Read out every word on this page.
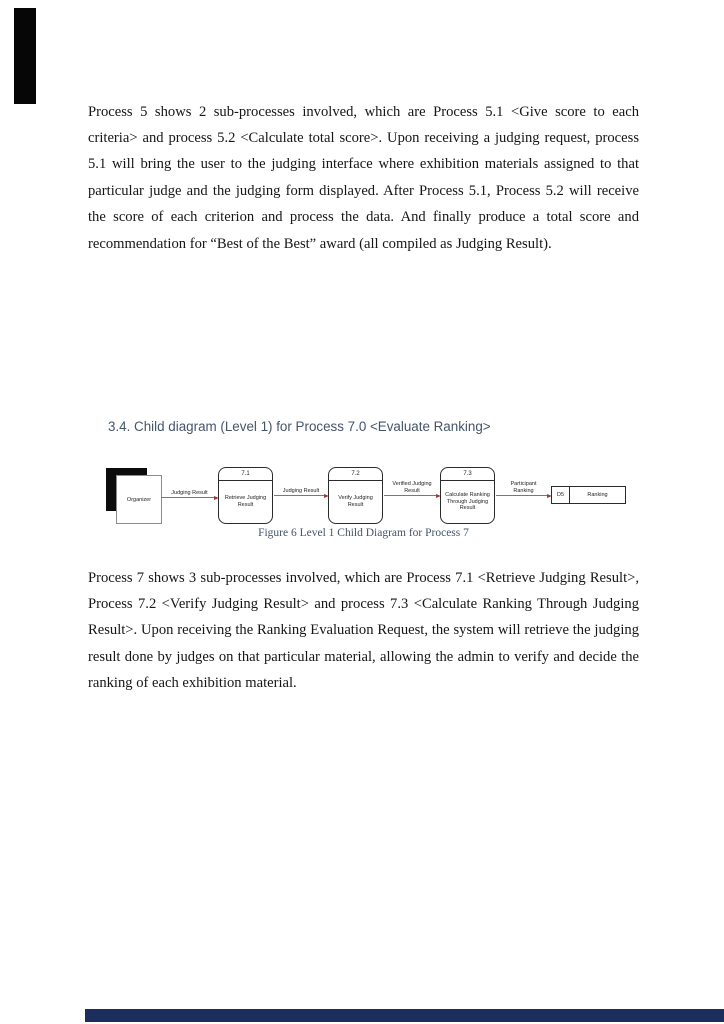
Process 5 shows 2 sub-processes involved, which are Process 5.1 <Give score to each criteria> and process 5.2 <Calculate total score>. Upon receiving a judging request, process 5.1 will bring the user to the judging interface where exhibition materials assigned to that particular judge and the judging form displayed. After Process 5.1, Process 5.2 will receive the score of each criterion and process the data. And finally produce a total score and recommendation for “Best of the Best” award (all compiled as Judging Result).

3.4. Child diagram (Level 1) for Process 7.0 <Evaluate Ranking>
Organizer
Judging Result
7.1
Retrieve Judging Result
Judging Result
7.2
Verify Judging Result
Verified Judging Result
7.3
Calculate Ranking Through Judging Result
Participant Ranking
D5	Ranking
Figure 6 Level 1 Child Diagram for Process 7

Process 7 shows 3 sub-processes involved, which are Process 7.1 <Retrieve Judging Result>, Process 7.2 <Verify Judging Result> and process 7.3 <Calculate Ranking Through Judging Result>. Upon receiving the Ranking Evaluation Request, the system will retrieve the judging result done by judges on that particular material, allowing the admin to verify and decide the ranking of each exhibition material.
